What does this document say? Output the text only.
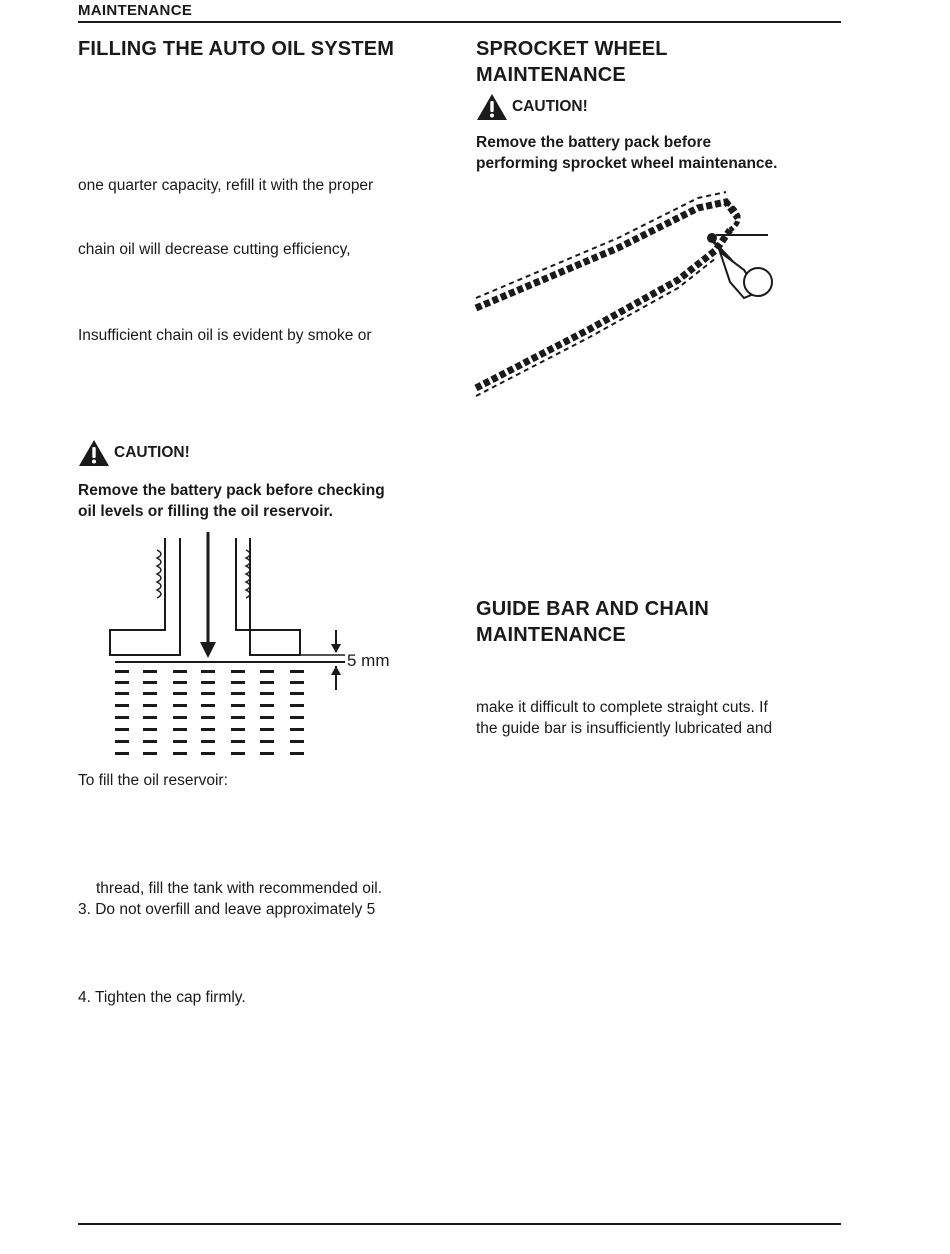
MAINTENANCE
FILLING THE AUTO OIL SYSTEM
one quarter capacity, refill it with the proper
chain oil will decrease cutting efficiency,
Insufficient chain oil is evident by smoke or
CAUTION!
Remove the battery pack before checking
oil levels or filling the oil reservoir.
5 mm
To fill the oil reservoir:
thread, fill the tank with recommended oil.
3. Do not overfill and leave approximately 5
4. Tighten the cap firmly.
SPROCKET WHEEL
MAINTENANCE
CAUTION!
Remove the battery pack before
performing sprocket wheel maintenance.
GUIDE BAR AND CHAIN
MAINTENANCE
make it difficult to complete straight cuts. If
the guide bar is insufficiently lubricated and
